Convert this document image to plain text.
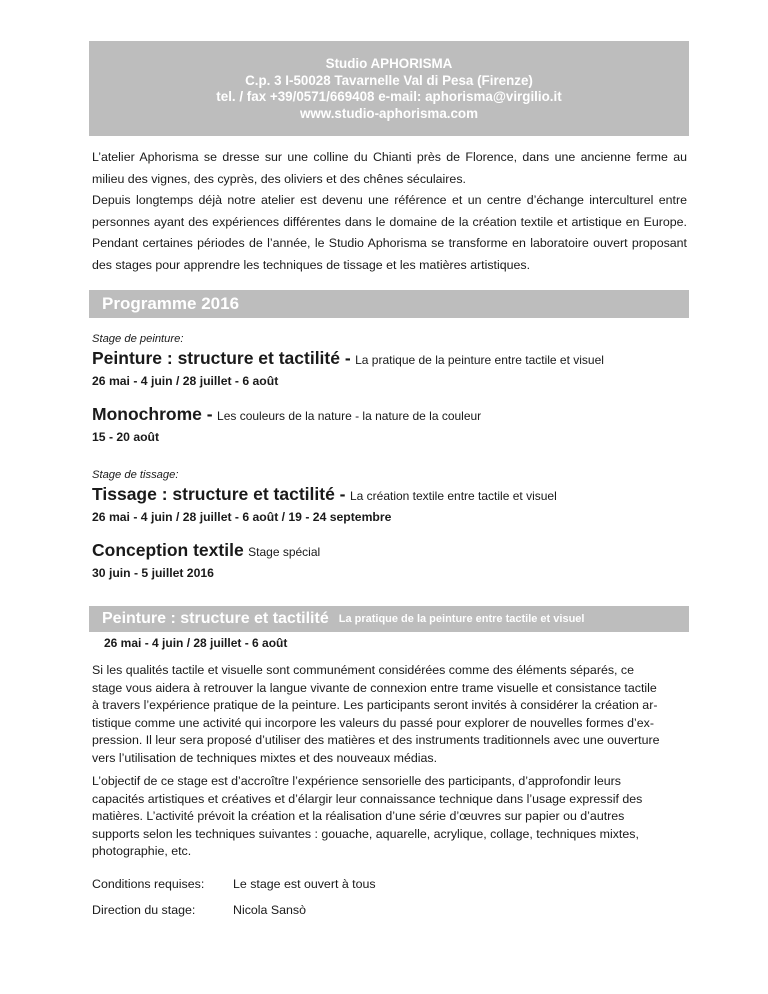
Studio APHORISMA
C.p. 3 I-50028 Tavarnelle Val di Pesa (Firenze)
tel. / fax +39/0571/669408 e-mail: aphorisma@virgilio.it
www.studio-aphorisma.com

L’atelier Aphorisma se dresse sur une colline du Chianti près de Florence, dans une ancienne ferme au milieu des vignes, des cyprès, des oliviers et des chênes séculaires.

Depuis longtemps déjà notre atelier est devenu une référence et un centre d’échange interculturel entre personnes ayant des expériences différentes dans le domaine de la création textile et artistique en Europe. Pendant certaines périodes de l’année, le Studio Aphorisma se transforme en laboratoire ouvert proposant des stages pour apprendre les techniques de tissage et les matières artistiques.

Programme 2016
Stage de peinture:
Peinture : structure et tactilité - La pratique de la peinture entre tactile et visuel
26 mai - 4 juin / 28 juillet - 6 août
Monochrome - Les couleurs de la nature - la nature de la couleur
15 - 20 août
Stage de tissage:
Tissage : structure et tactilité - La création textile entre tactile et visuel
26 mai - 4 juin / 28 juillet - 6 août / 19 - 24 septembre
Conception textile Stage spécial
30 juin - 5 juillet 2016
Peinture : structure et tactilité La pratique de la peinture entre tactile et visuel
26 mai - 4 juin / 28 juillet - 6 août

Si les qualités tactile et visuelle sont communément considérées comme des éléments séparés, ce

stage vous aidera à retrouver la langue vivante de connexion entre trame visuelle et consistance tactile

à travers l’expérience pratique de la peinture. Les participants seront invités à considérer la création ar-

tistique comme une activité qui incorpore les valeurs du passé pour explorer de nouvelles formes d’ex-

pression. Il leur sera proposé d’utiliser des matières et des instruments traditionnels avec une ouverture

vers l’utilisation de techniques mixtes et des nouveaux médias.

L’objectif de ce stage est d’accroître l’expérience sensorielle des participants, d’approfondir leurs

capacités artistiques et créatives et d’élargir leur connaissance technique dans l’usage expressif des

matières. L’activité prévoit la création et la réalisation d’une série d’œuvres sur papier ou d’autres

supports selon les techniques suivantes : gouache, aquarelle, acrylique, collage, techniques mixtes,

photographie, etc.

Conditions requises: Le stage est ouvert à tous
Direction du stage:	Nicola Sansò
